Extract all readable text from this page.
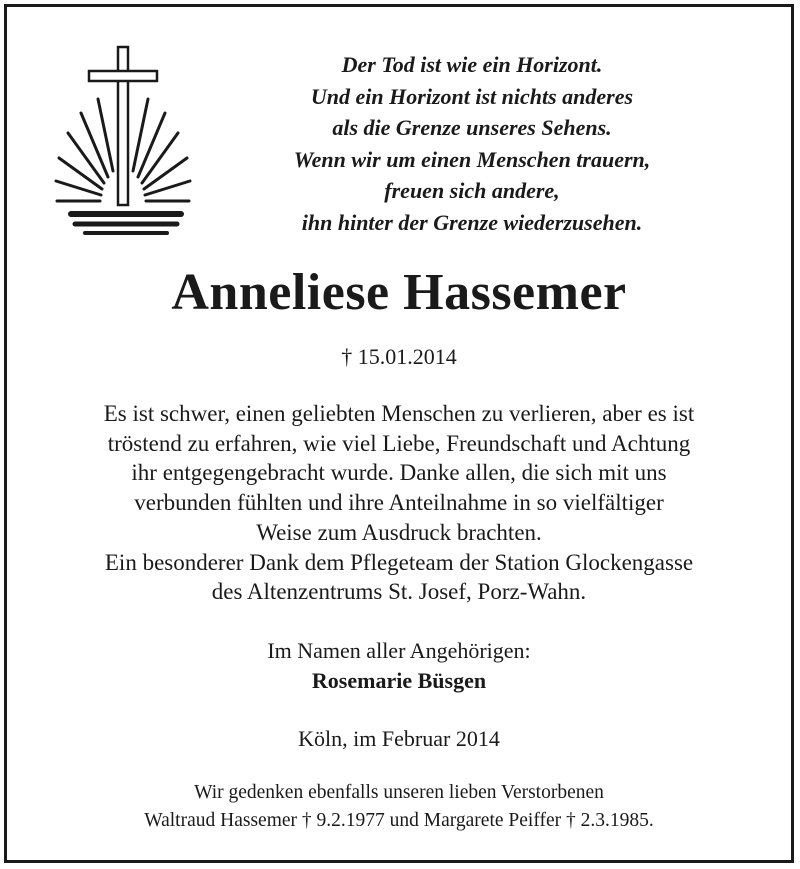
Der Tod ist wie ein Horizont.
Und ein Horizont ist nichts anderes
als die Grenze unseres Sehens.
Wenn wir um einen Menschen trauern,
freuen sich andere,
ihn hinter der Grenze wiederzusehen.
Anneliese Hassemer
† 15.01.2014
Es ist schwer, einen geliebten Menschen zu verlieren, aber es ist
tröstend zu erfahren, wie viel Liebe, Freundschaft und Achtung
ihr entgegengebracht wurde. Danke allen, die sich mit uns
verbunden fühlten und ihre Anteilnahme in so vielfältiger
Weise zum Ausdruck brachten.
Ein besonderer Dank dem Pflegeteam der Station Glockengasse
des Altenzentrums St. Josef, Porz-Wahn.
Im Namen aller Angehörigen:
Rosemarie Büsgen
Köln, im Februar 2014
Wir gedenken ebenfalls unseren lieben Verstorbenen
Waltraud Hassemer † 9.2.1977 und Margarete Peiffer † 2.3.1985.
